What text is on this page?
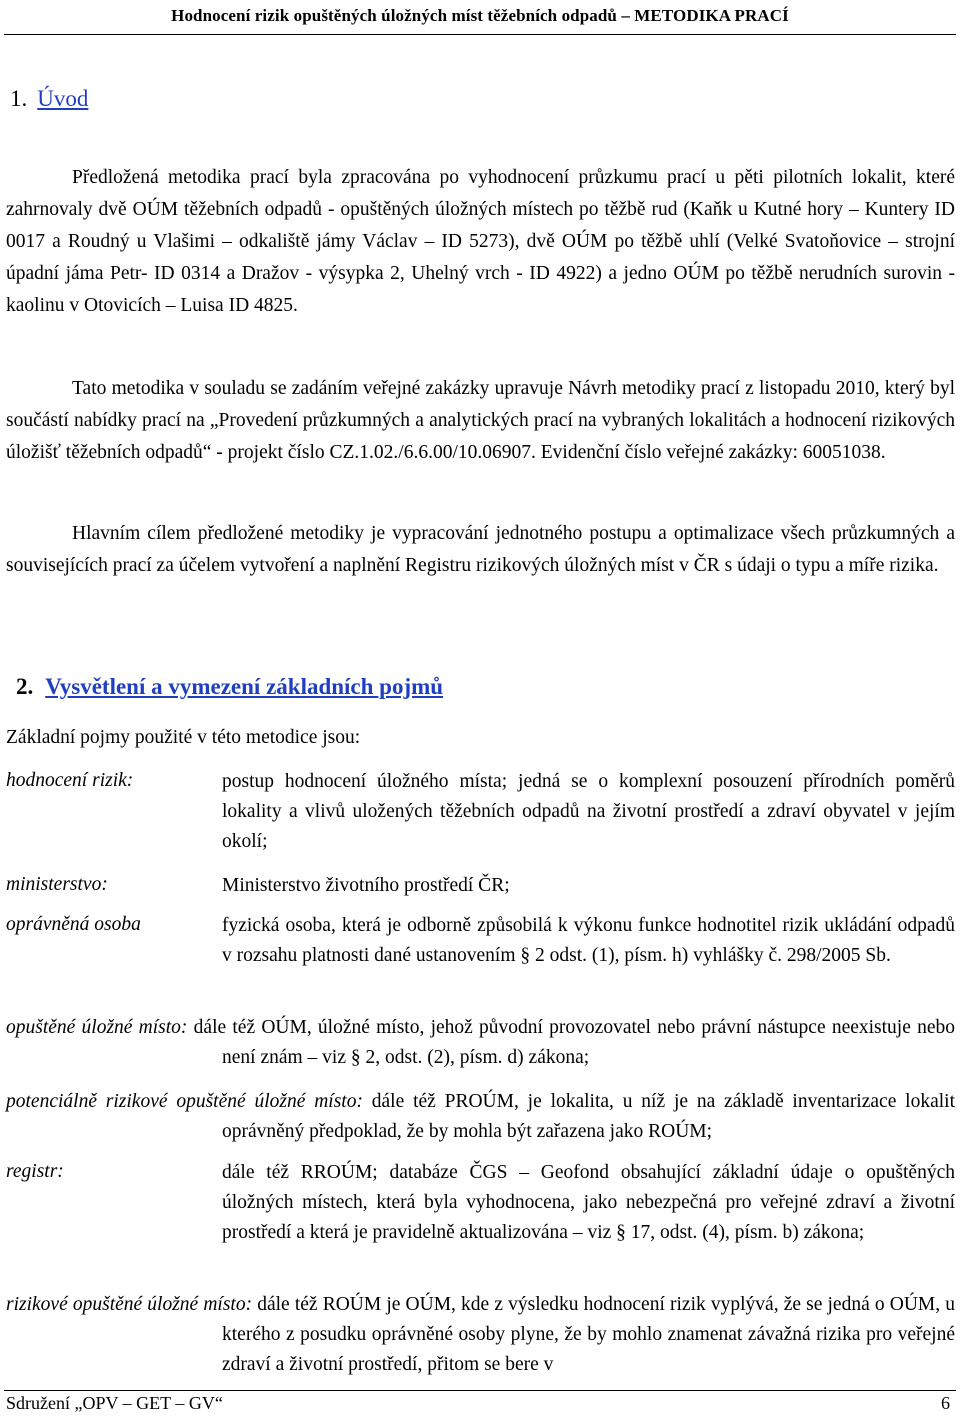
Hodnocení rizik opuštěných úložných míst těžebních odpadů – METODIKA PRACÍ
1. Úvod
Předložená metodika prací byla zpracována po vyhodnocení průzkumu prací u pěti pilotních lokalit, které zahrnovaly dvě OÚM těžebních odpadů - opuštěných úložných místech po těžbě rud (Kaňk u Kutné hory – Kuntery ID 0017 a Roudný u Vlašimi – odkaliště jámy Václav – ID 5273), dvě OÚM po těžbě uhlí (Velké Svatoňovice – strojní úpadní jáma Petr- ID 0314 a Dražov - výsypka 2, Uhelný vrch - ID 4922) a jedno OÚM po těžbě nerudních surovin - kaolinu v Otovicích – Luisa ID 4825.
Tato metodika v souladu se zadáním veřejné zakázky upravuje Návrh metodiky prací z listopadu 2010, který byl součástí nabídky prací na „Provedení průzkumných a analytických prací na vybraných lokalitách a hodnocení rizikových úložišť těžebních odpadů“ - projekt číslo CZ.1.02./6.6.00/10.06907. Evidenční číslo veřejné zakázky: 60051038.
Hlavním cílem předložené metodiky je vypracování jednotného postupu a optimalizace všech průzkumných a souvisejících prací za účelem vytvoření a naplnění Registru rizikových úložných míst v ČR s údaji o typu a míře rizika.
2. Vysvětlení a vymezení základních pojmů
Základní pojmy použité v této metodice jsou:
hodnocení rizik:	postup hodnocení úložného místa; jedná se o komplexní posouzení přírodních poměrů lokality a vlivů uložených těžebních odpadů na životní prostředí a zdraví obyvatel v jejím okolí;
ministerstvo:	Ministerstvo životního prostředí ČR;
oprávněná osoba	fyzická osoba, která je odborně způsobilá k výkonu funkce hodnotitel rizik ukládání odpadů v rozsahu platnosti dané ustanovením § 2 odst. (1), písm. h) vyhlášky č. 298/2005 Sb.
opuštěné úložné místo: dále též OÚM, úložné místo, jehož původní provozovatel nebo právní nástupce neexistuje nebo není znám – viz § 2, odst. (2), písm. d) zákona;
potenciálně rizikové opuštěné úložné místo: dále též PROÚM, je lokalita, u níž je na základě inventarizace lokalit oprávněný předpoklad, že by mohla být zařazena jako ROÚM;
registr:	dále též RROÚM; databáze ČGS – Geofond obsahující základní údaje o opuštěných úložných místech, která byla vyhodnocena, jako nebezpečná pro veřejné zdraví a životní prostředí a která je pravidelně aktualizována – viz § 17, odst. (4), písm. b) zákona;
rizikové opuštěné úložné místo: dále též ROÚM je OÚM, kde z výsledku hodnocení rizik vyplývá, že se jedná o OÚM, u kterého z posudku oprávněné osoby plyne, že by mohlo znamenat závažná rizika pro veřejné zdraví a životní prostředí, přitom se bere v
Sdružení „OPV – GET – GV“	6
